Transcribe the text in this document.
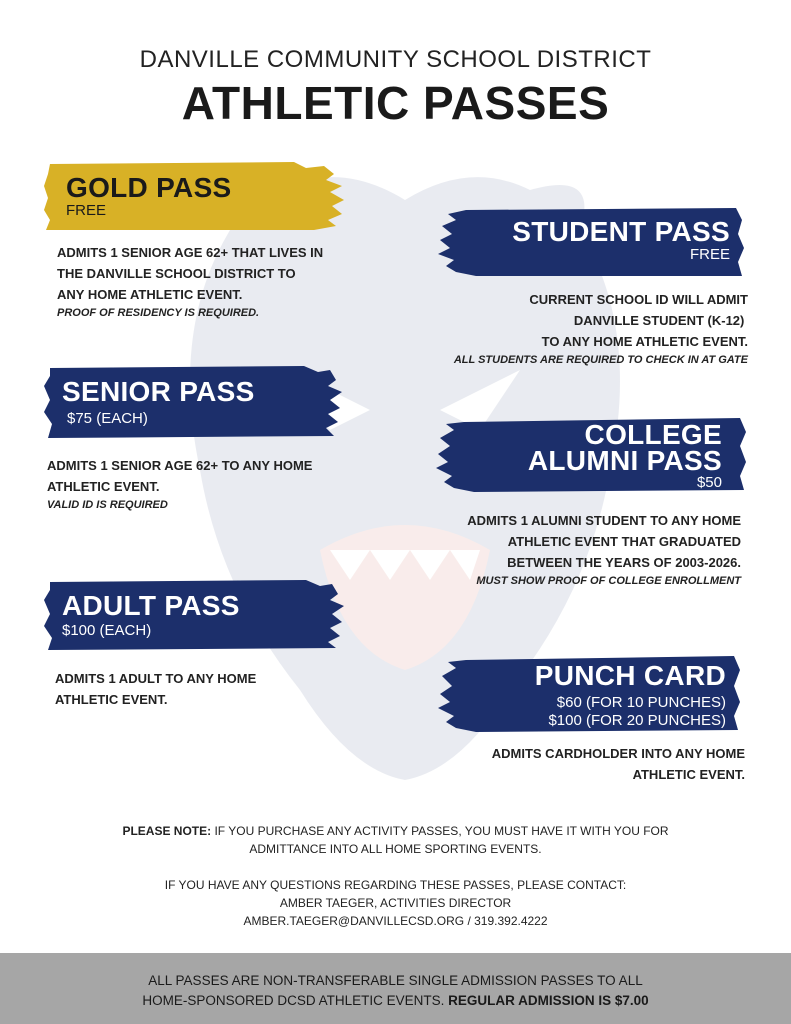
DANVILLE COMMUNITY SCHOOL DISTRICT
ATHLETIC PASSES
GOLD PASS
FREE
ADMITS 1 SENIOR AGE 62+ THAT LIVES IN
THE DANVILLE SCHOOL DISTRICT TO
ANY HOME ATHLETIC EVENT.
PROOF OF RESIDENCY IS REQUIRED.
STUDENT PASS
FREE
CURRENT SCHOOL ID WILL ADMIT
DANVILLE STUDENT (K-12)
TO ANY HOME ATHLETIC EVENT.
ALL STUDENTS ARE REQUIRED TO CHECK IN AT GATE
SENIOR PASS
$75 (EACH)
ADMITS 1 SENIOR AGE 62+ TO ANY HOME
ATHLETIC EVENT.
VALID ID IS REQUIRED
COLLEGE
ALUMNI PASS
$50
ADMITS 1 ALUMNI STUDENT TO ANY HOME
ATHLETIC EVENT THAT GRADUATED
BETWEEN THE YEARS OF 2003-2026.
MUST SHOW PROOF OF COLLEGE ENROLLMENT
ADULT PASS
$100 (EACH)
ADMITS 1 ADULT TO ANY HOME
ATHLETIC EVENT.
PUNCH CARD
$60 (FOR 10 PUNCHES)
$100 (FOR 20 PUNCHES)
ADMITS CARDHOLDER INTO ANY HOME
ATHLETIC EVENT.
PLEASE NOTE: IF YOU PURCHASE ANY ACTIVITY PASSES, YOU MUST HAVE IT WITH YOU FOR
ADMITTANCE INTO ALL HOME SPORTING EVENTS.
IF YOU HAVE ANY QUESTIONS REGARDING THESE PASSES, PLEASE CONTACT:
AMBER TAEGER, ACTIVITIES DIRECTOR
AMBER.TAEGER@DANVILLECSD.ORG / 319.392.4222
ALL PASSES ARE NON-TRANSFERABLE SINGLE ADMISSION PASSES TO ALL
HOME-SPONSORED DCSD ATHLETIC EVENTS. REGULAR ADMISSION IS $7.00
